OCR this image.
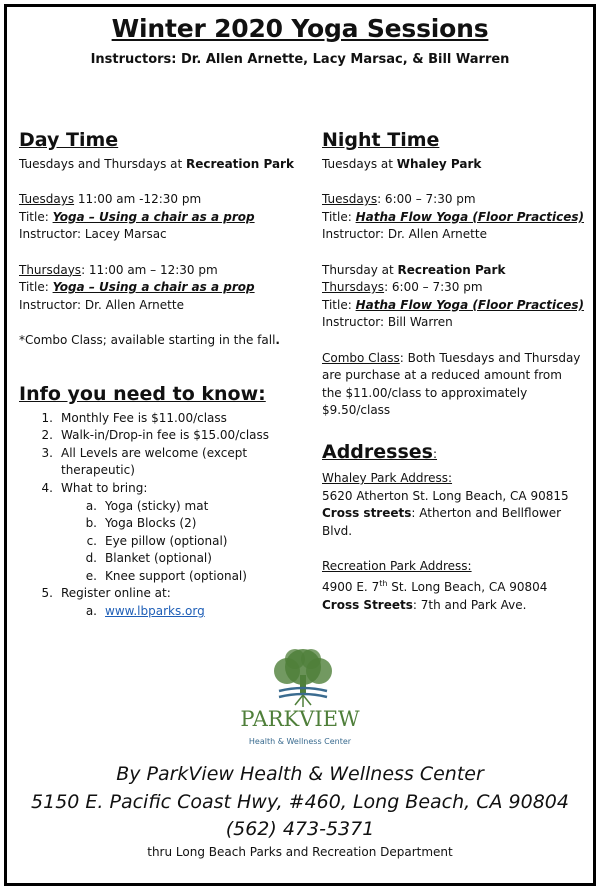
Winter 2020 Yoga Sessions
Instructors: Dr. Allen Arnette, Lacy Marsac, & Bill Warren
Day Time

Tuesdays and Thursdays at Recreation Park

Tuesdays 11:00 am -12:30 pm

Title: Yoga – Using a chair as a prop

Instructor: Lacey Marsac

Thursdays: 11:00 am – 12:30 pm

Title: Yoga – Using a chair as a prop

Instructor: Dr. Allen Arnette

*Combo Class; available starting in the fall.

Info you need to know:
1. Monthly Fee is $11.00/class
2. Walk-in/Drop-in fee is $15.00/class
3. All Levels are welcome (except therapeutic)
4. What to bring:
a. Yoga (sticky) mat
b. Yoga Blocks (2)
c. Eye pillow (optional)
d. Blanket (optional)
e. Knee support (optional)
5. Register online at:
a. www.lbparks.org
Night Time

Tuesdays at Whaley Park

Tuesdays: 6:00 – 7:30 pm

Title: Hatha Flow Yoga (Floor Practices)

Instructor: Dr. Allen Arnette

Thursday at Recreation Park

Thursdays: 6:00 – 7:30 pm

Title: Hatha Flow Yoga (Floor Practices)

Instructor: Bill Warren

Combo Class: Both Tuesdays and Thursday are purchase at a reduced amount from the $11.00/class to approximately $9.50/class

Addresses:

Whaley Park Address:

5620 Atherton St. Long Beach, CA 90815

Cross streets: Atherton and Bellflower Blvd.

Recreation Park Address:

4900 E. 7th St. Long Beach, CA 90804

Cross Streets: 7th and Park Ave.

PARKVIEW
Health & Wellness Center
By ParkView Health & Wellness Center
5150 E. Pacific Coast Hwy, #460, Long Beach, CA 90804
(562) 473-5371
thru Long Beach Parks and Recreation Department
